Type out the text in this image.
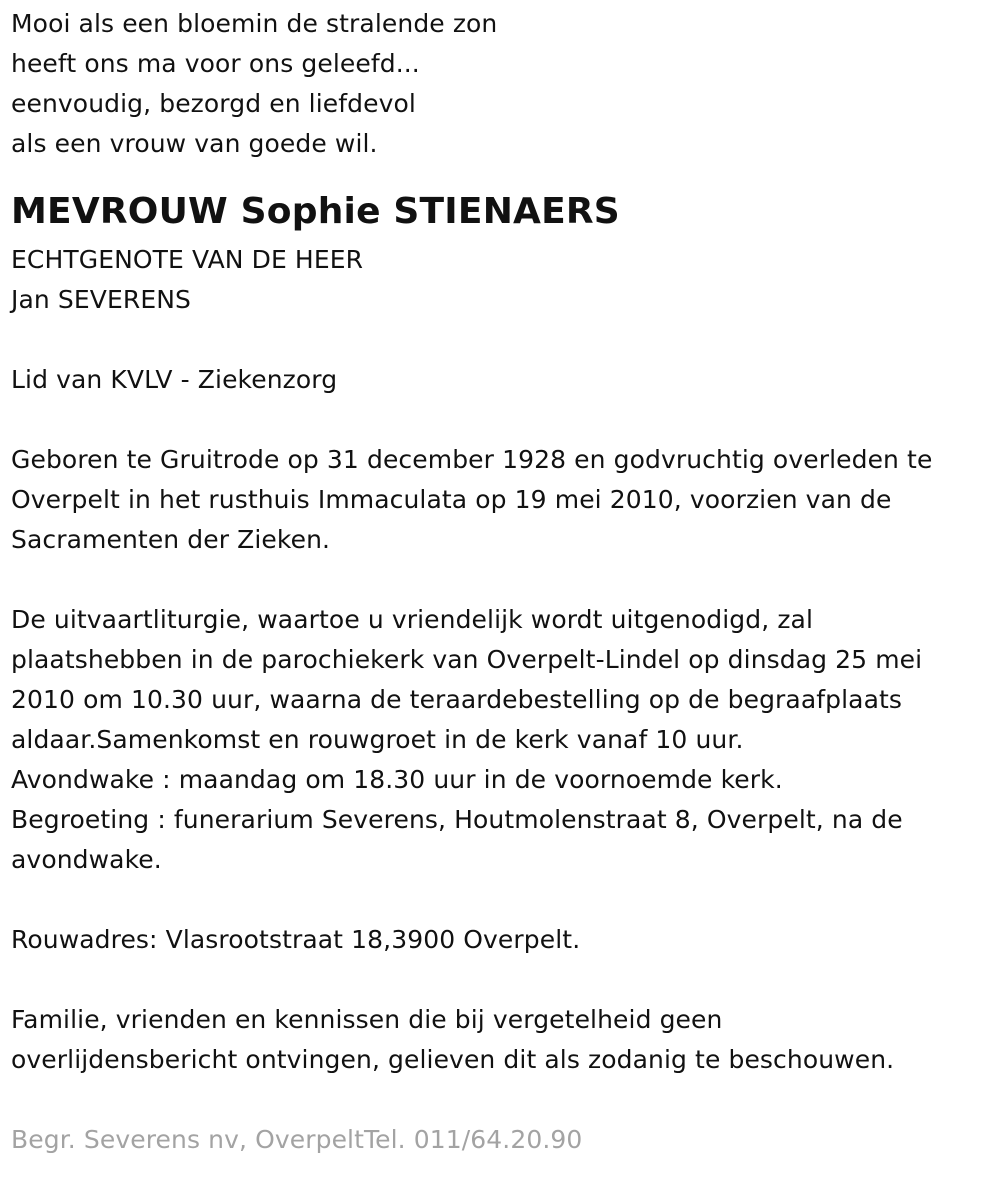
Mooi als een bloemin de stralende zon
heeft ons ma voor ons geleefd...
eenvoudig, bezorgd en liefdevol
als een vrouw van goede wil.
MEVROUW Sophie STIENAERS
ECHTGENOTE VAN DE HEER
Jan SEVERENS
Lid van KVLV - Ziekenzorg
Geboren te Gruitrode op 31 december 1928 en godvruchtig overleden te
Overpelt in het rusthuis Immaculata op 19 mei 2010, voorzien van de
Sacramenten der Zieken.
De uitvaartliturgie, waartoe u vriendelijk wordt uitgenodigd, zal
plaatshebben in de parochiekerk van Overpelt-Lindel op dinsdag 25 mei
2010 om 10.30 uur, waarna de teraardebestelling op de begraafplaats
aldaar.Samenkomst en rouwgroet in de kerk vanaf 10 uur.
Avondwake : maandag om 18.30 uur in de voornoemde kerk.
Begroeting : funerarium Severens, Houtmolenstraat 8, Overpelt, na de
avondwake.
Rouwadres: Vlasrootstraat 18,3900 Overpelt.
Familie, vrienden en kennissen die bij vergetelheid geen
overlijdensbericht ontvingen, gelieven dit als zodanig te beschouwen.
Begr. Severens nv, OverpeltTel. 011/64.20.90
